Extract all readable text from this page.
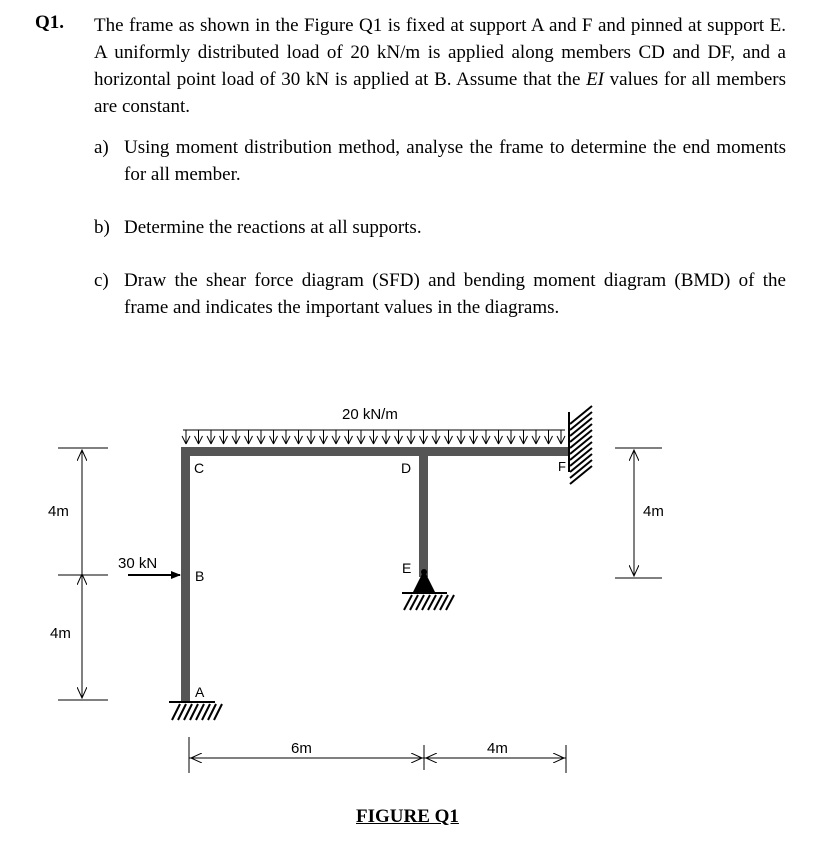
Q1. The frame as shown in the Figure Q1 is fixed at support A and F and pinned at support E. A uniformly distributed load of 20 kN/m is applied along members CD and DF, and a horizontal point load of 30 kN is applied at B. Assume that the EI values for all members are constant.
a) Using moment distribution method, analyse the frame to determine the end moments for all member.
b) Determine the reactions at all supports.
c) Draw the shear force diagram (SFD) and bending moment diagram (BMD) of the frame and indicates the important values in the diagrams.
20 kN/m
30 kN
C
B
A
D
E
F
4m
4m
4m
6m	4m
FIGURE Q1
